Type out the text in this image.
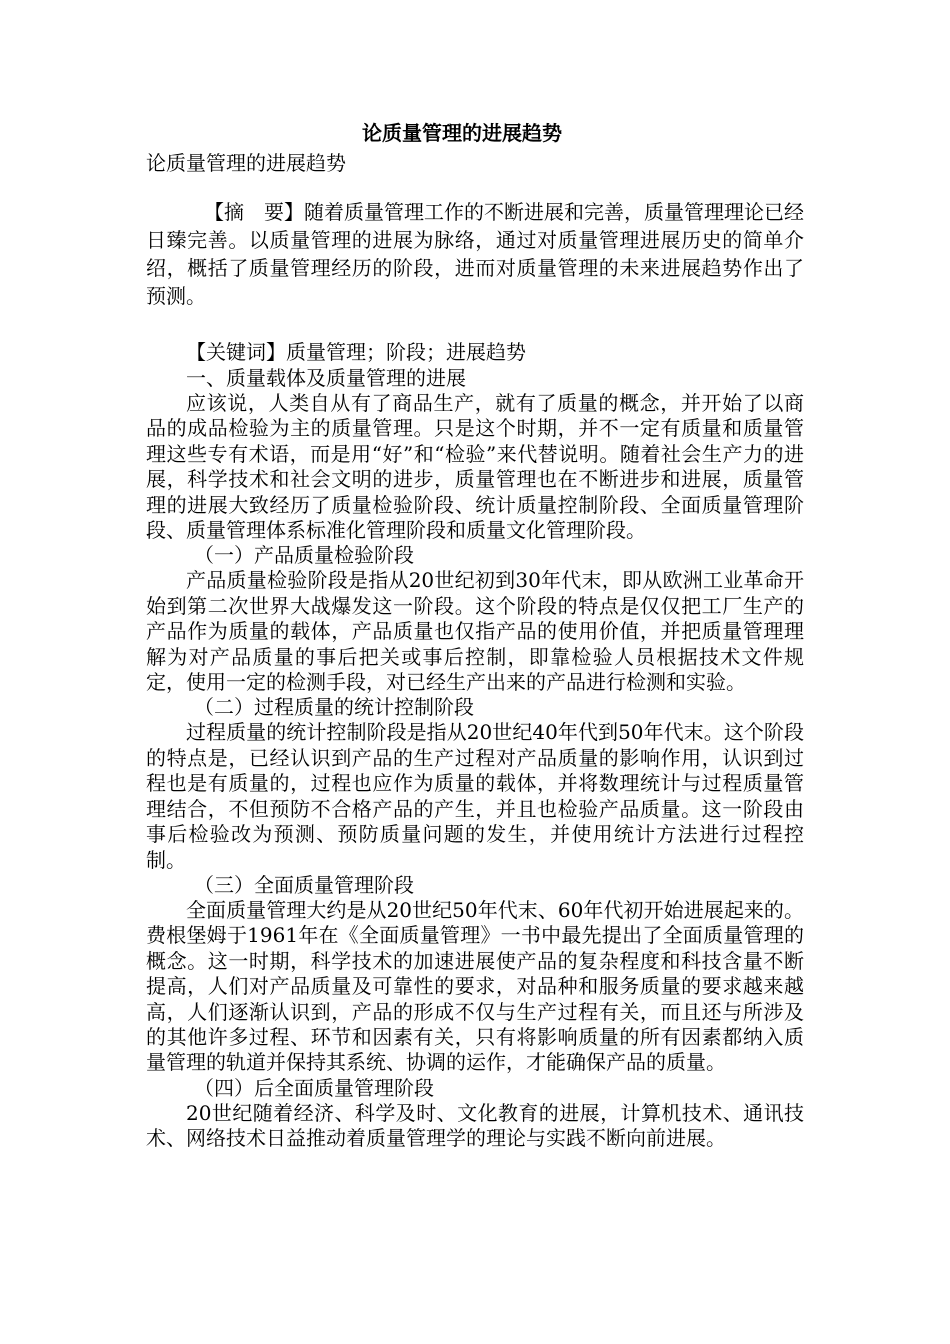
论质量管理的进展趋势

论质量管理的进展趋势

【摘　要】随着质量管理工作的不断进展和完善，质量管理理论已经日臻完善。以质量管理的进展为脉络，通过对质量管理进展历史的简单介绍，概括了质量管理经历的阶段，进而对质量管理的未来进展趋势作出了预测。

【关键词】质量管理；阶段；进展趋势

一、质量载体及质量管理的进展

应该说，人类自从有了商品生产，就有了质量的概念，并开始了以商品的成品检验为主的质量管理。只是这个时期，并不一定有质量和质量管理这些专有术语，而是用“好”和“检验”来代替说明。随着社会生产力的进展，科学技术和社会文明的进步，质量管理也在不断进步和进展，质量管理的进展大致经历了质量检验阶段、统计质量控制阶段、全面质量管理阶段、质量管理体系标准化管理阶段和质量文化管理阶段。

（一）产品质量检验阶段

产品质量检验阶段是指从20世纪初到30年代末，即从欧洲工业革命开始到第二次世界大战爆发这一阶段。这个阶段的特点是仅仅把工厂生产的产品作为质量的载体，产品质量也仅指产品的使用价值，并把质量管理理解为对产品质量的事后把关或事后控制，即靠检验人员根据技术文件规定，使用一定的检测手段，对已经生产出来的产品进行检测和实验。

（二）过程质量的统计控制阶段

过程质量的统计控制阶段是指从20世纪40年代到50年代末。这个阶段的特点是，已经认识到产品的生产过程对产品质量的影响作用，认识到过程也是有质量的，过程也应作为质量的载体，并将数理统计与过程质量管理结合，不但预防不合格产品的产生，并且也检验产品质量。这一阶段由事后检验改为预测、预防质量问题的发生，并使用统计方法进行过程控制。

（三）全面质量管理阶段

全面质量管理大约是从20世纪50年代末、60年代初开始进展起来的。费根堡姆于1961年在《全面质量管理》一书中最先提出了全面质量管理的概念。这一时期，科学技术的加速进展使产品的复杂程度和科技含量不断提高，人们对产品质量及可靠性的要求，对品种和服务质量的要求越来越高，人们逐渐认识到，产品的形成不仅与生产过程有关，而且还与所涉及的其他许多过程、环节和因素有关，只有将影响质量的所有因素都纳入质量管理的轨道并保持其系统、协调的运作，才能确保产品的质量。

（四）后全面质量管理阶段

20世纪随着经济、科学及时、文化教育的进展，计算机技术、通讯技术、网络技术日益推动着质量管理学的理论与实践不断向前进展。
